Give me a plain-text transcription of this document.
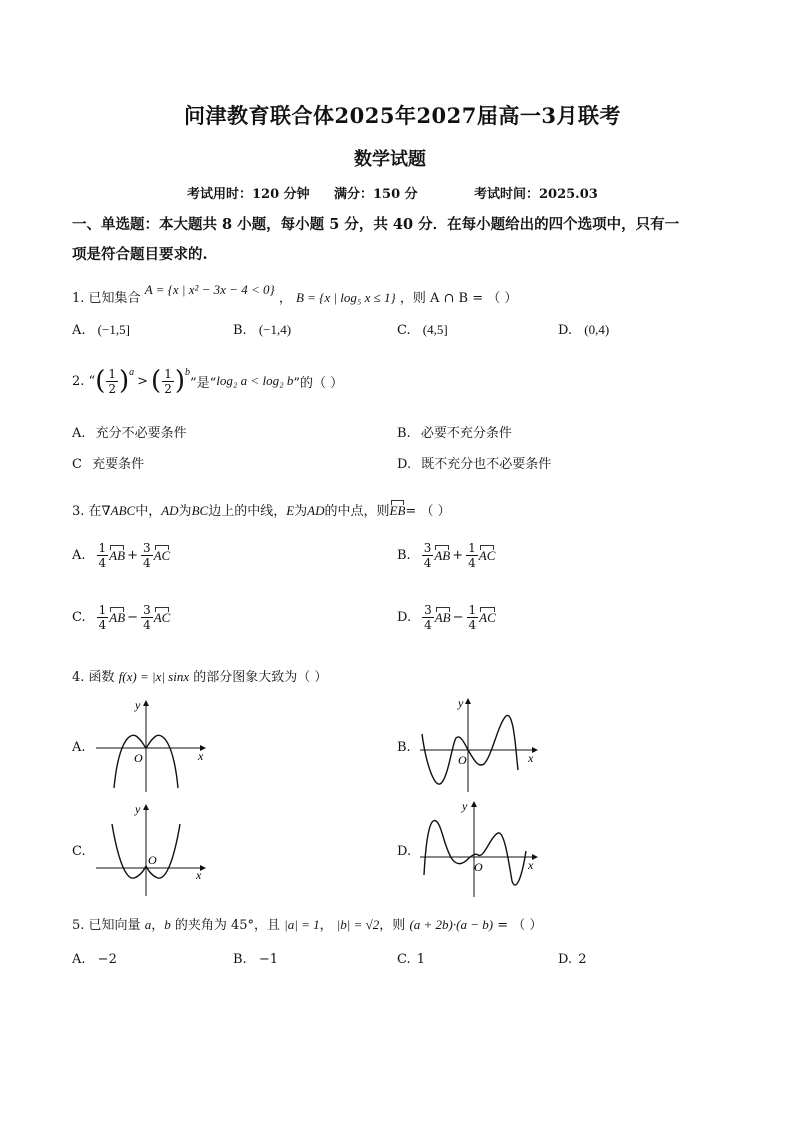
问津教育联合体2025年2027届高一3月联考
数学试题
考试用时：120 分钟 满分：150 分	考试时间：2025.03
一、单选题：本大题共 8 小题，每小题 5 分，共 40 分．在每小题给出的四个选项中，只有一
项是符合题目要求的.
1. 已知集合 A = {x | x² − 3x − 4 < 0} ， B = {x | log₅ x ≤ 1} ，则 A ∩ B = （ ）
A. (−1,5]	B. (−1,4)	C. (4,5]	D. (0,4)
2. “ ( $\frac{1}{2} )^a$
> ( $\frac{1}{2} )^b$
”是“ log₂ a < log₂ b ”的（ ）
A. 充分不必要条件	B. 必要不充分条件
C 充要条件	D. 既不充分也不必要条件
3. 在∇ABC中，AD为BC边上的中线，E为AD的中点，则EB= （ ）
A. $\frac{1}{4}$ AB + $\frac{3}{4}$ AC	B. $\frac{3}{4}$ AB + $\frac{1}{4}$ AC
C. $\frac{1}{4}$ AB − $\frac{3}{4}$ AC	D. $\frac{3}{4}$ AB − $\frac{1}{4}$ AC
4. 函数 f(x) = |x| sinx 的部分图象大致为（ ）
A.
y
x
O
B.
y
x
O
C.
y
x
O
D.
y
x
O
5. 已知向量 a，b 的夹角为 45°，且 |a| = 1， |b| = √2，则 (a + 2b)·(a − b) = （ ）
A. −2	B. −1	C. 1	D. 2
